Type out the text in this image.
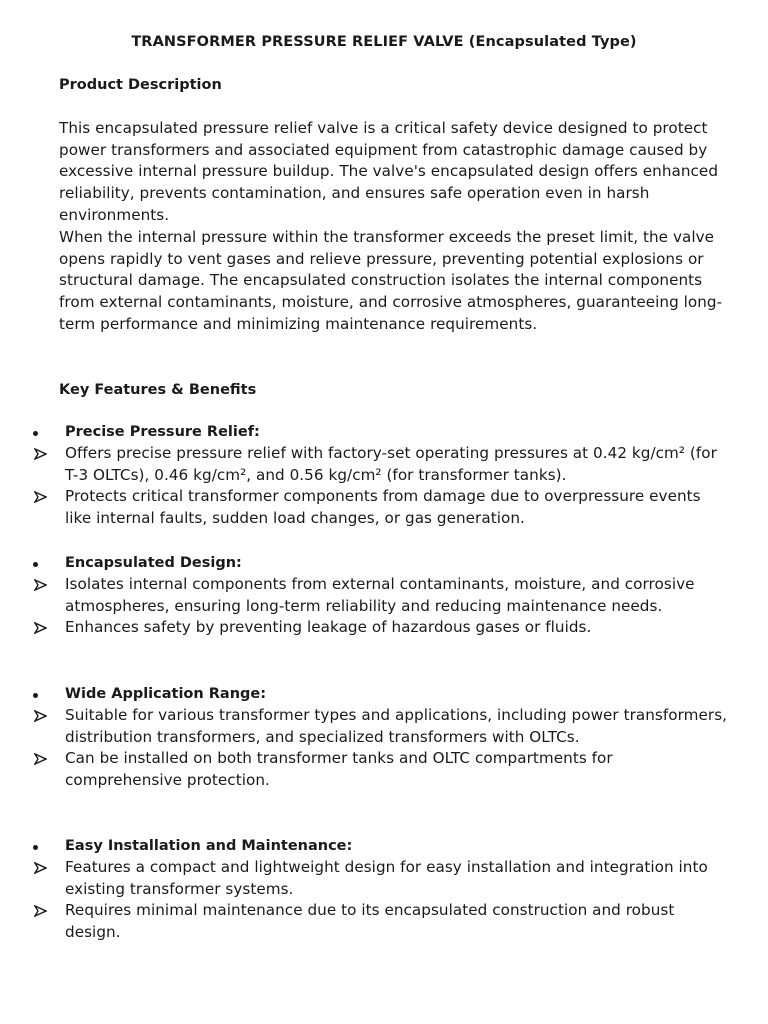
TRANSFORMER PRESSURE RELIEF VALVE (Encapsulated Type)
Product Description
This encapsulated pressure relief valve is a critical safety device designed to protect power transformers and associated equipment from catastrophic damage caused by excessive internal pressure buildup. The valve's encapsulated design offers enhanced reliability, prevents contamination, and ensures safe operation even in harsh environments.
When the internal pressure within the transformer exceeds the preset limit, the valve opens rapidly to vent gases and relieve pressure, preventing potential explosions or structural damage. The encapsulated construction isolates the internal components from external contaminants, moisture, and corrosive atmospheres, guaranteeing long-term performance and minimizing maintenance requirements.
Key Features & Benefits
Precise Pressure Relief:
Offers precise pressure relief with factory-set operating pressures at 0.42 kg/cm² (for T-3 OLTCs), 0.46 kg/cm², and 0.56 kg/cm² (for transformer tanks).
Protects critical transformer components from damage due to overpressure events like internal faults, sudden load changes, or gas generation.
Encapsulated Design:
Isolates internal components from external contaminants, moisture, and corrosive atmospheres, ensuring long-term reliability and reducing maintenance needs.
Enhances safety by preventing leakage of hazardous gases or fluids.
Wide Application Range:
Suitable for various transformer types and applications, including power transformers, distribution transformers, and specialized transformers with OLTCs.
Can be installed on both transformer tanks and OLTC compartments for comprehensive protection.
Easy Installation and Maintenance:
Features a compact and lightweight design for easy installation and integration into existing transformer systems.
Requires minimal maintenance due to its encapsulated construction and robust design.
